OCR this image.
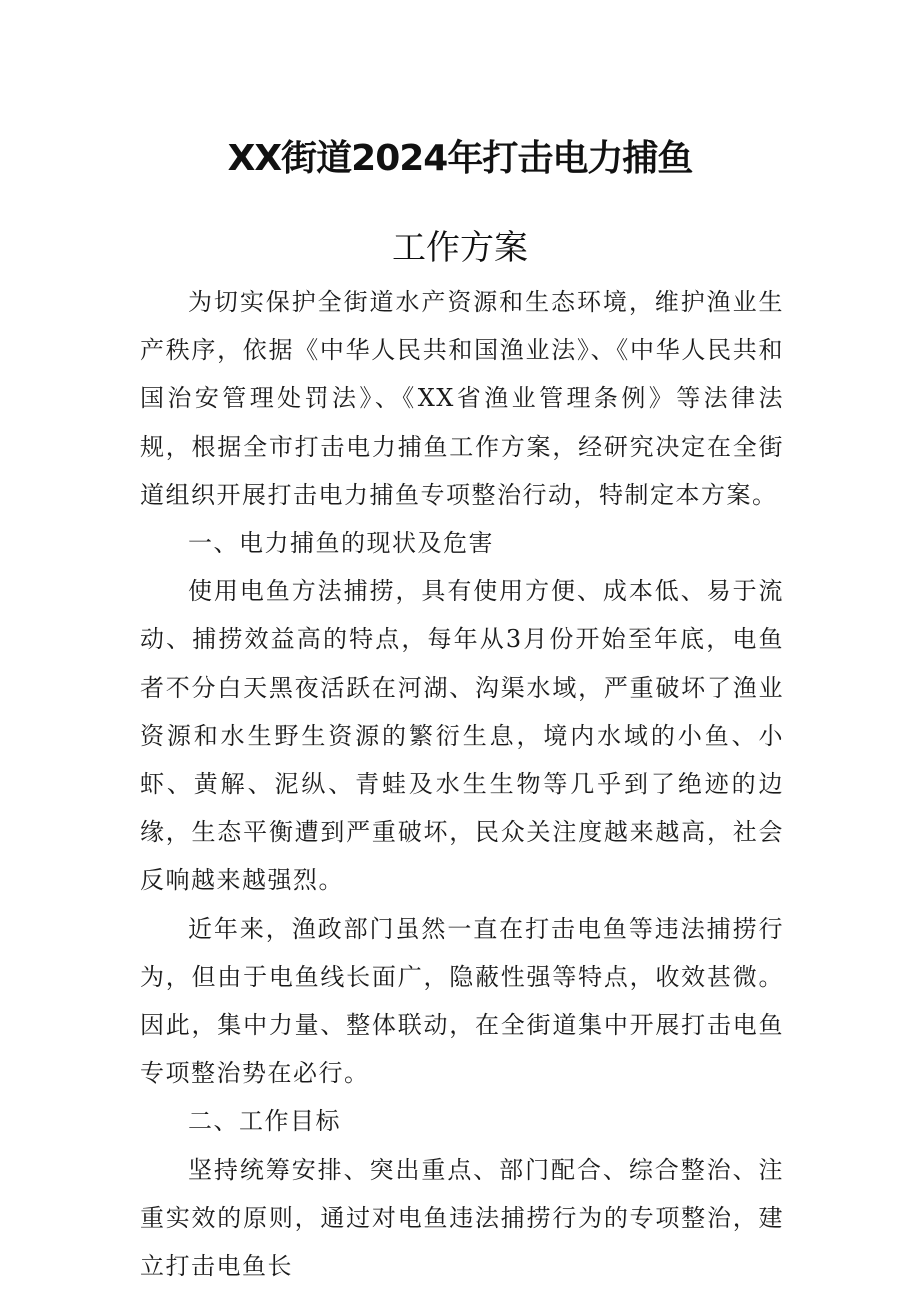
XX街道2024年打击电力捕鱼
工作方案

为切实保护全街道水产资源和生态环境，维护渔业生产秩序，依据《中华人民共和国渔业法》、《中华人民共和国治安管理处罚法》、《XX省渔业管理条例》等法律法规，根据全市打击电力捕鱼工作方案，经研究决定在全街道组织开展打击电力捕鱼专项整治行动，特制定本方案。

一、电力捕鱼的现状及危害

使用电鱼方法捕捞，具有使用方便、成本低、易于流动、捕捞效益高的特点，每年从3月份开始至年底，电鱼者不分白天黑夜活跃在河湖、沟渠水域，严重破坏了渔业资源和水生野生资源的繁衍生息，境内水域的小鱼、小虾、黄解、泥纵、青蛙及水生生物等几乎到了绝迹的边缘，生态平衡遭到严重破坏，民众关注度越来越高，社会反响越来越强烈。

近年来，渔政部门虽然一直在打击电鱼等违法捕捞行为，但由于电鱼线长面广，隐蔽性强等特点，收效甚微。因此，集中力量、整体联动，在全街道集中开展打击电鱼专项整治势在必行。

二、工作目标

坚持统筹安排、突出重点、部门配合、综合整治、注重实效的原则，通过对电鱼违法捕捞行为的专项整治，建立打击电鱼长
